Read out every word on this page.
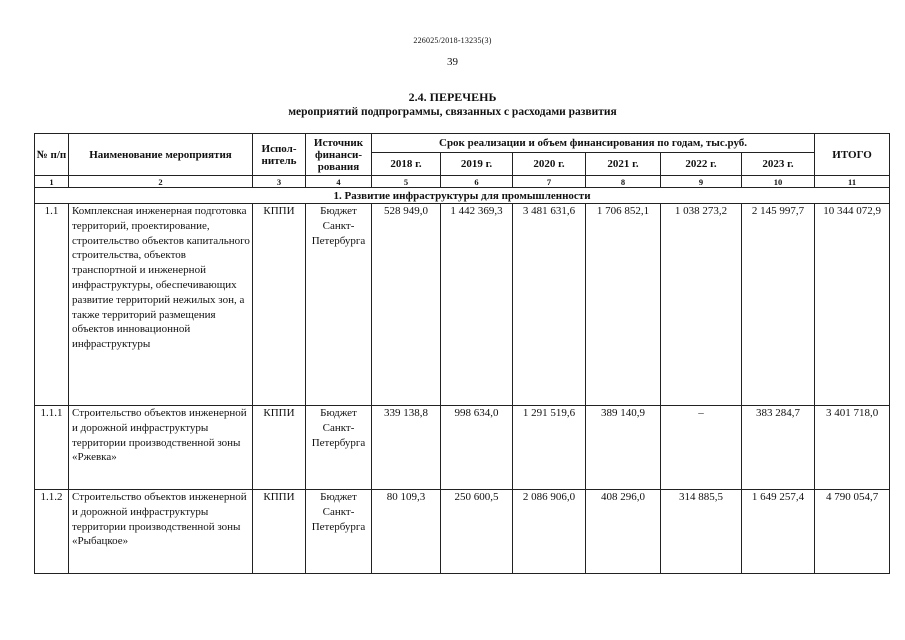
226025/2018-13235(3)
39
2.4. ПЕРЕЧЕНЬ
мероприятий подпрограммы, связанных с расходами развития
№ п/п	Наименование мероприятия	Испол-нитель	Источник финанси-рования	Срок реализации и объем финансирования по годам, тыс.руб.						ИТОГО
				2018 г.	2019 г.	2020 г.	2021 г.	2022 г.	2023 г.	
1	2	3	4	5	6	7	8	9	10	11
1. Развитие инфраструктуры для промышленности										
1.1	Комплексная инженерная подготовка территорий, проектирование, строительство объектов капитального строительства, объектов транспортной и инженерной инфраструктуры, обеспечивающих развитие территорий нежилых зон, а также территорий размещения объектов инновационной инфраструктуры	КППИ	Бюджет Санкт-Петербурга	528 949,0	1 442 369,3	3 481 631,6	1 706 852,1	1 038 273,2	2 145 997,7	10 344 072,9
1.1.1	Строительство объектов инженерной и дорожной инфраструктуры территории производственной зоны «Ржевка»	КППИ	Бюджет Санкт-Петербурга	339 138,8	998 634,0	1 291 519,6	389 140,9	–	383 284,7	3 401 718,0
1.1.2	Строительство объектов инженерной и дорожной инфраструктуры территории производственной зоны «Рыбацкое»	КППИ	Бюджет Санкт-Петербурга	80 109,3	250 600,5	2 086 906,0	408 296,0	314 885,5	1 649 257,4	4 790 054,7
